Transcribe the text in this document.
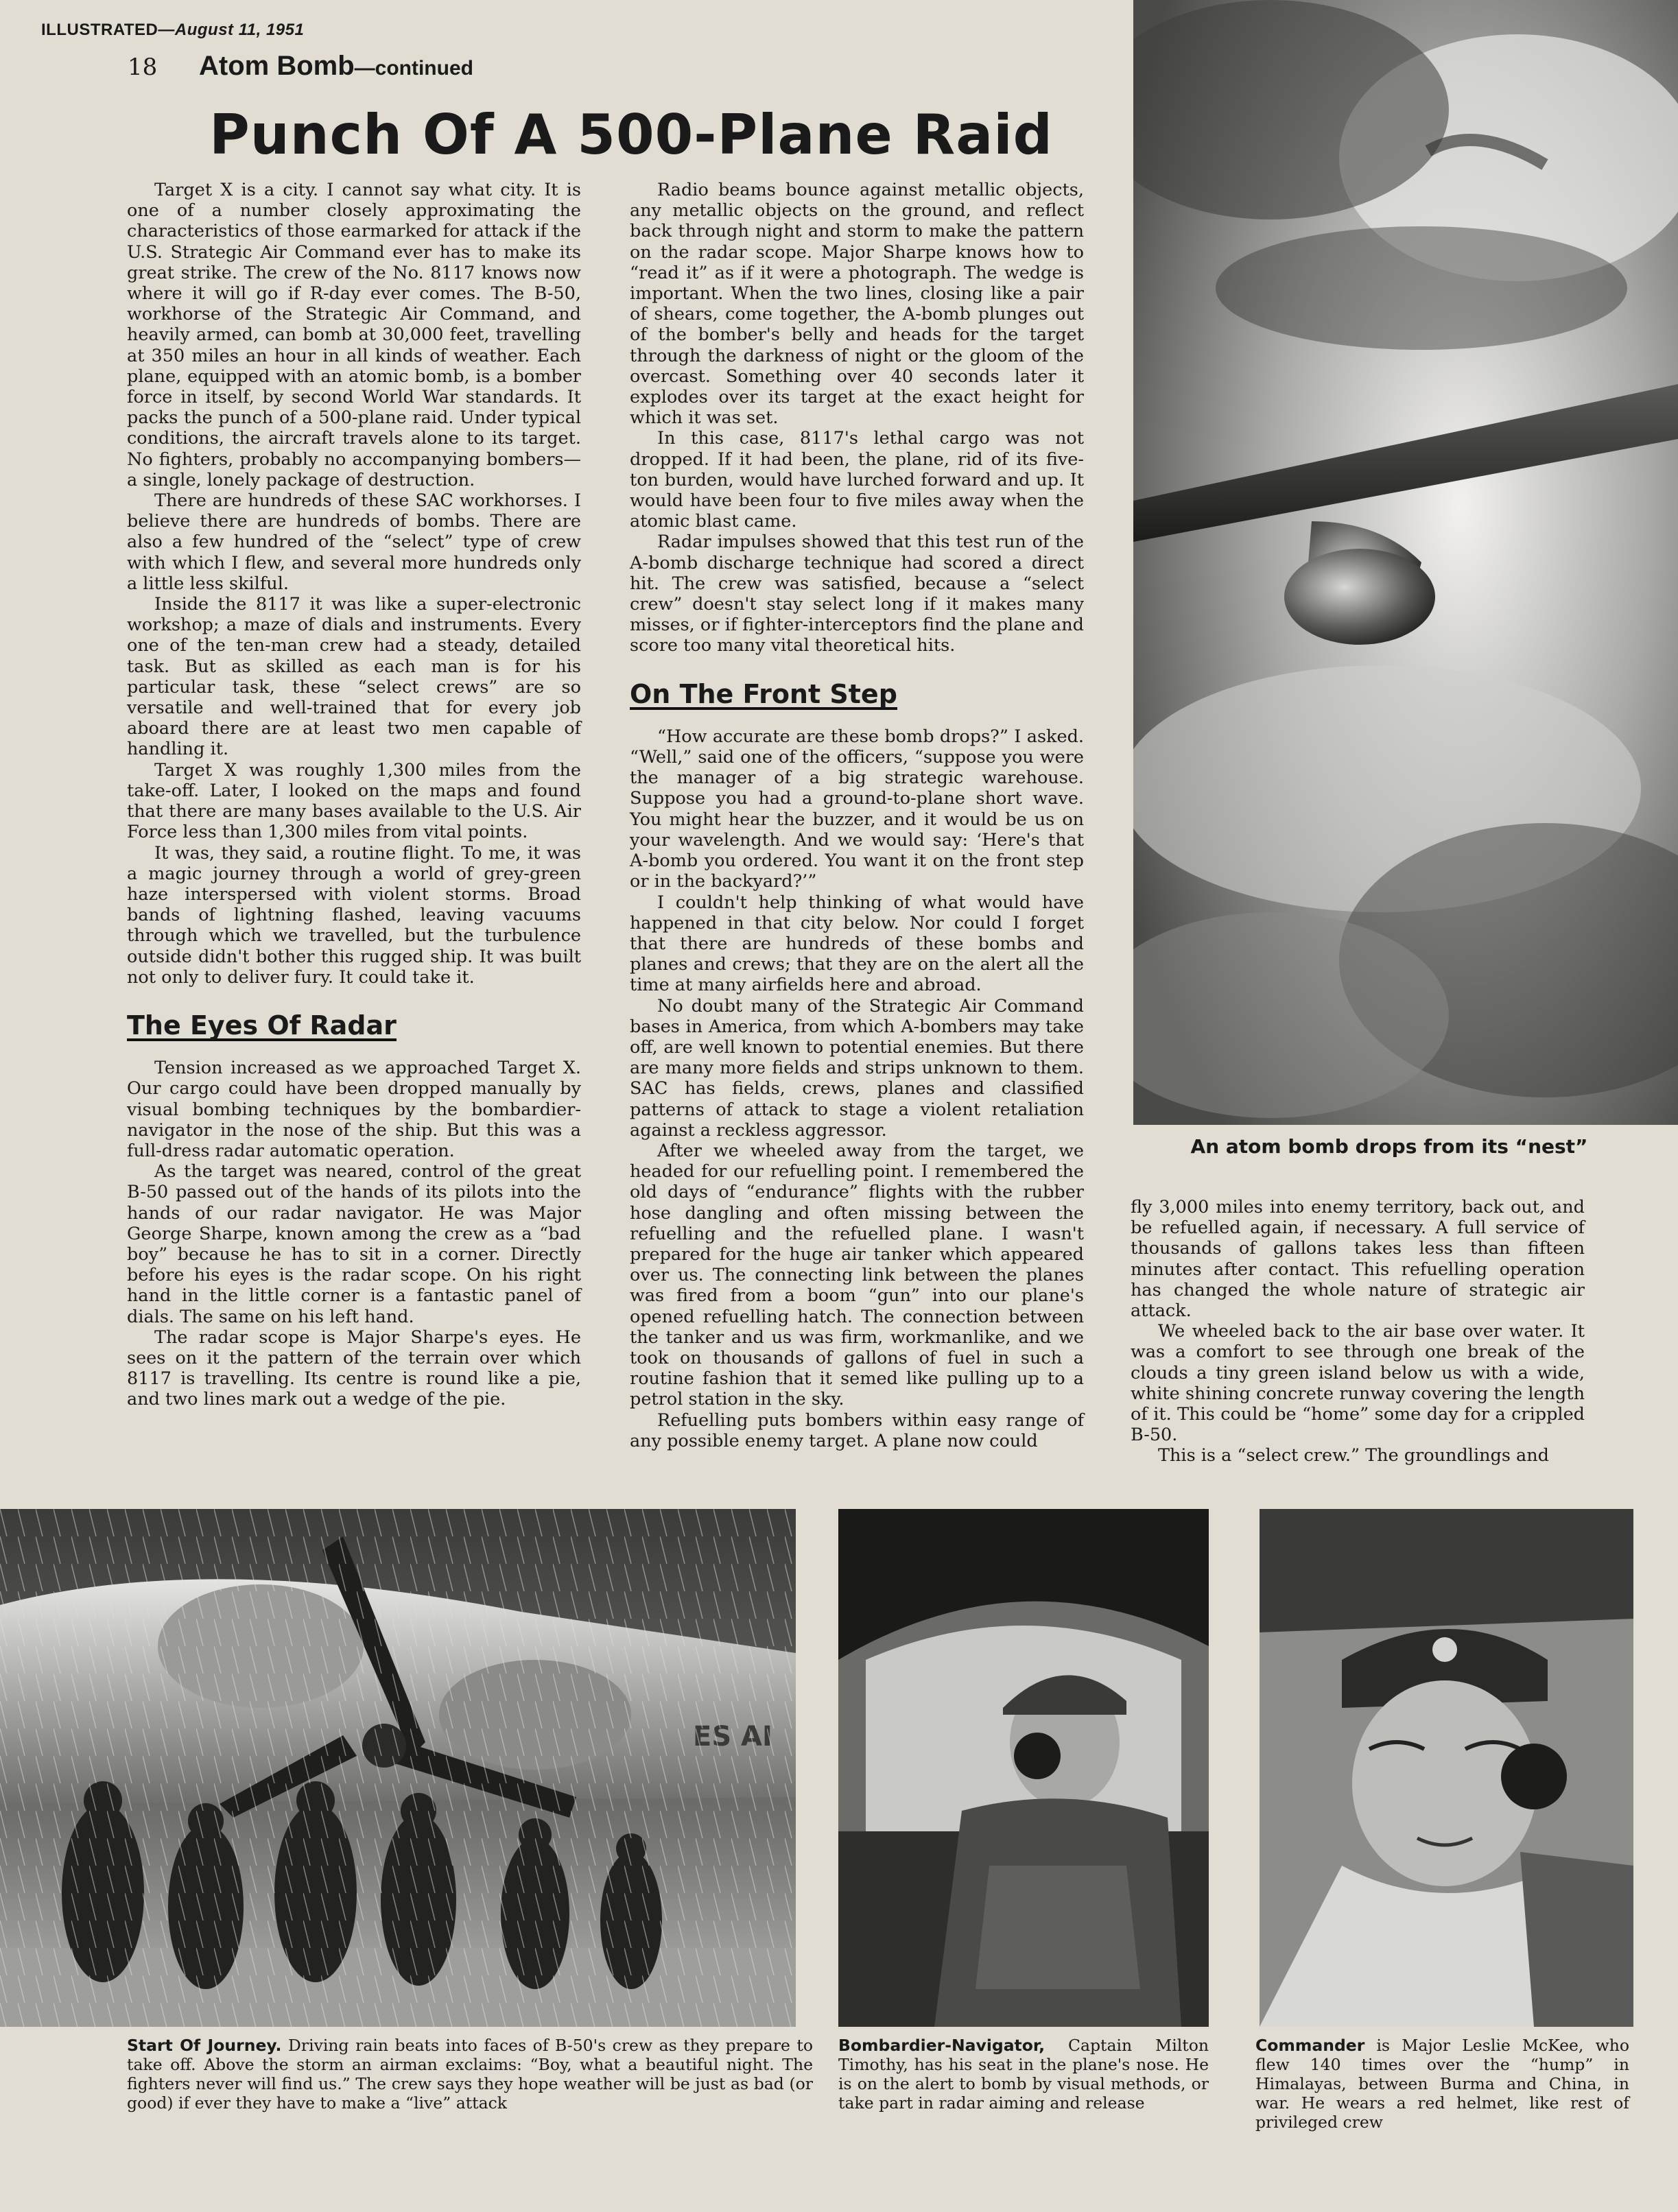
ILLUSTRATED—August 11, 1951
18 Atom Bomb—continued
Punch Of A 500-Plane Raid

Target X is a city. I cannot say what city. It is one of a number closely approximating the characteristics of those earmarked for attack if the U.S. Strategic Air Command ever has to make its great strike. The crew of the No. 8117 knows now where it will go if R-day ever comes. The B-50, workhorse of the Strategic Air Command, and heavily armed, can bomb at 30,000 feet, travelling at 350 miles an hour in all kinds of weather. Each plane, equipped with an atomic bomb, is a bomber force in itself, by second World War standards. It packs the punch of a 500-plane raid. Under typical conditions, the aircraft travels alone to its target. No fighters, probably no accompanying bombers—a single, lonely package of destruction.

There are hundreds of these SAC workhorses. I believe there are hundreds of bombs. There are also a few hundred of the “select” type of crew with which I flew, and several more hundreds only a little less skilful.

Inside the 8117 it was like a super-electronic workshop; a maze of dials and instruments. Every one of the ten-man crew had a steady, detailed task. But as skilled as each man is for his particular task, these “select crews” are so versatile and well-trained that for every job aboard there are at least two men capable of handling it.

Target X was roughly 1,300 miles from the take-off. Later, I looked on the maps and found that there are many bases available to the U.S. Air Force less than 1,300 miles from vital points.

It was, they said, a routine flight. To me, it was a magic journey through a world of grey-green haze interspersed with violent storms. Broad bands of lightning flashed, leaving vacuums through which we travelled, but the turbulence outside didn't bother this rugged ship. It was built not only to deliver fury. It could take it.

The Eyes Of Radar

Tension increased as we approached Target X. Our cargo could have been dropped manually by visual bombing techniques by the bombardier-navigator in the nose of the ship. But this was a full-dress radar automatic operation.

As the target was neared, control of the great B-50 passed out of the hands of its pilots into the hands of our radar navigator. He was Major George Sharpe, known among the crew as a “bad boy” because he has to sit in a corner. Directly before his eyes is the radar scope. On his right hand in the little corner is a fantastic panel of dials. The same on his left hand.

The radar scope is Major Sharpe's eyes. He sees on it the pattern of the terrain over which 8117 is travelling. Its centre is round like a pie, and two lines mark out a wedge of the pie.

Radio beams bounce against metallic objects, any metallic objects on the ground, and reflect back through night and storm to make the pattern on the radar scope. Major Sharpe knows how to “read it” as if it were a photograph. The wedge is important. When the two lines, closing like a pair of shears, come together, the A-bomb plunges out of the bomber's belly and heads for the target through the darkness of night or the gloom of the overcast. Something over 40 seconds later it explodes over its target at the exact height for which it was set.

In this case, 8117's lethal cargo was not dropped. If it had been, the plane, rid of its five-ton burden, would have lurched forward and up. It would have been four to five miles away when the atomic blast came.

Radar impulses showed that this test run of the A-bomb discharge technique had scored a direct hit. The crew was satisfied, because a “select crew” doesn't stay select long if it makes many misses, or if fighter-interceptors find the plane and score too many vital theoretical hits.

On The Front Step

“How accurate are these bomb drops?” I asked. “Well,” said one of the officers, “suppose you were the manager of a big strategic warehouse. Suppose you had a ground-to-plane short wave. You might hear the buzzer, and it would be us on your wavelength. And we would say: ‘Here's that A-bomb you ordered. You want it on the front step or in the backyard?’”

I couldn't help thinking of what would have happened in that city below. Nor could I forget that there are hundreds of these bombs and planes and crews; that they are on the alert all the time at many airfields here and abroad.

No doubt many of the Strategic Air Command bases in America, from which A-bombers may take off, are well known to potential enemies. But there are many more fields and strips unknown to them. SAC has fields, crews, planes and classified patterns of attack to stage a violent retaliation against a reckless aggressor.

After we wheeled away from the target, we headed for our refuelling point. I remembered the old days of “endurance” flights with the rubber hose dangling and often missing between the refuelling and the refuelled plane. I wasn't prepared for the huge air tanker which appeared over us. The connecting link between the planes was fired from a boom “gun” into our plane's opened refuelling hatch. The connection between the tanker and us was firm, workmanlike, and we took on thousands of gallons of fuel in such a routine fashion that it semed like pulling up to a petrol station in the sky.

Refuelling puts bombers within easy range of any possible enemy target. A plane now could

An atom bomb drops from its “nest”

fly 3,000 miles into enemy territory, back out, and be refuelled again, if necessary. A full service of thousands of gallons takes less than fifteen minutes after contact. This refuelling operation has changed the whole nature of strategic air attack.

We wheeled back to the air base over water. It was a comfort to see through one break of the clouds a tiny green island below us with a wide, white shining concrete runway covering the length of it. This could be “home” some day for a crippled B-50.

This is a “select crew.” The groundlings and

Start Of Journey. Driving rain beats into faces of B-50's crew as they prepare to take off. Above the storm an airman exclaims: “Boy, what a beautiful night. The fighters never will find us.” The crew says they hope weather will be just as bad (or good) if ever they have to make a “live” attack
Bombardier-Navigator, Captain Milton Timothy, has his seat in the plane's nose. He is on the alert to bomb by visual methods, or take part in radar aiming and release
Commander is Major Leslie McKee, who flew 140 times over the “hump” in Himalayas, between Burma and China, in war. He wears a red helmet, like rest of privileged crew
